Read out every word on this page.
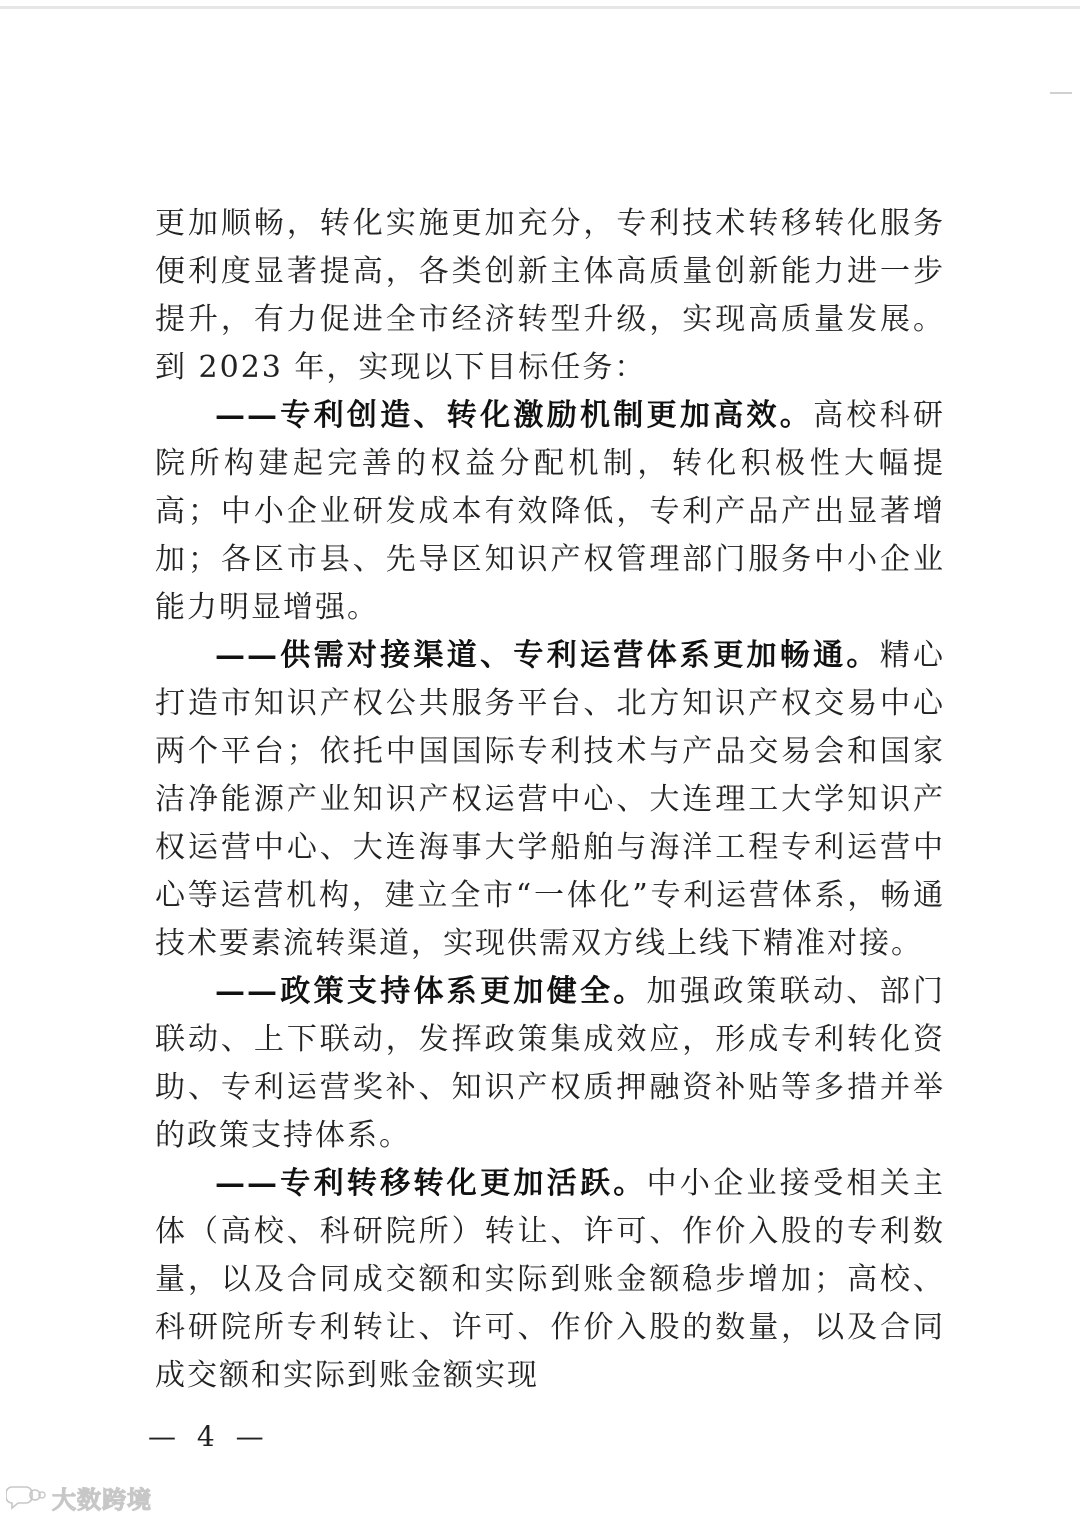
更加顺畅，转化实施更加充分，专利技术转移转化服务便利度显著提高，各类创新主体高质量创新能力进一步提升，有力促进全市经济转型升级，实现高质量发展。到 2023 年，实现以下目标任务：

——专利创造、转化激励机制更加高效。高校科研院所构建起完善的权益分配机制，转化积极性大幅提高；中小企业研发成本有效降低，专利产品产出显著增加；各区市县、先导区知识产权管理部门服务中小企业能力明显增强。

——供需对接渠道、专利运营体系更加畅通。精心打造市知识产权公共服务平台、北方知识产权交易中心两个平台；依托中国国际专利技术与产品交易会和国家洁净能源产业知识产权运营中心、大连理工大学知识产权运营中心、大连海事大学船舶与海洋工程专利运营中心等运营机构，建立全市“一体化”专利运营体系，畅通技术要素流转渠道，实现供需双方线上线下精准对接。

——政策支持体系更加健全。加强政策联动、部门联动、上下联动，发挥政策集成效应，形成专利转化资助、专利运营奖补、知识产权质押融资补贴等多措并举的政策支持体系。

——专利转移转化更加活跃。中小企业接受相关主体（高校、科研院所）转让、许可、作价入股的专利数量，以及合同成交额和实际到账金额稳步增加；高校、科研院所专利转让、许可、作价入股的数量，以及合同成交额和实际到账金额实现

— 4 —
大数跨境
